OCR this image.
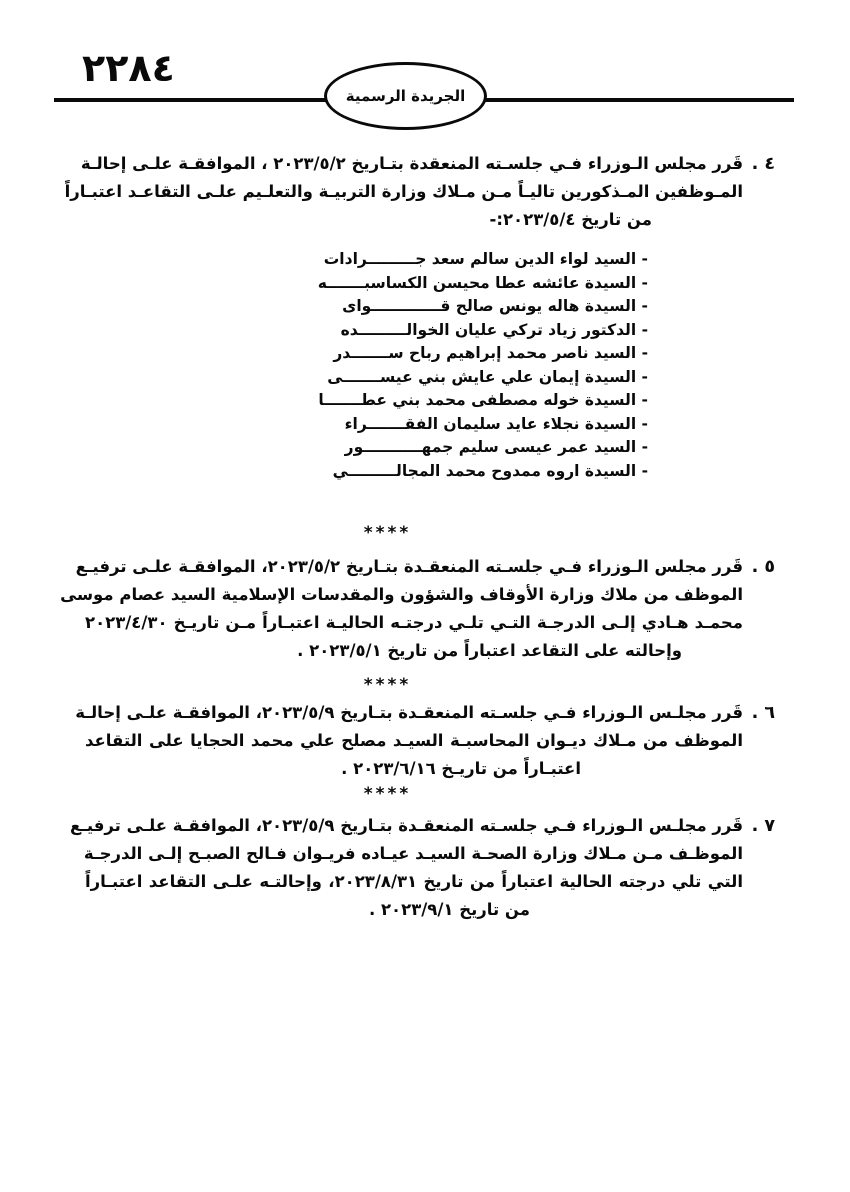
٢٢٨٤
الجريدة الرسمية
٤ .
قَرر مجلس الـوزراء فـي جلسـته المنعقدة بتـاريخ ٢٠٢٣/٥/٢ ، الموافقـة علـى إحالـة
المـوظفين المـذكورين تاليـاً مـن مـلاك وزارة التربيـة والتعلـيم علـى التقاعـد اعتبـاراً
من تاريخ ٢٠٢٣/٥/٤:-
- السيد لواء الدين سالم سعد جـــــــــرادات
- السيدة عائشه عطا محيسن الكساسبـــــــه
- السيدة هاله يونس صالح قـــــــــــــواى
- الدكتور زياد تركي عليان الخوالـــــــــده
- السيد ناصر محمد إبراهيم رباح ســـــــدر
- السيدة إيمان علي عايش بني عيســـــــى
- السيدة خوله مصطفى محمد بني عطـــــــا
- السيدة نجلاء عايد سليمان الفقـــــــراء
- السيد عمر عيسى سليم جمهـــــــــــور
- السيدة اروه ممدوح محمد المجالـــــــــي
****
٥ .
قَرر مجلس الـوزراء فـي جلسـته المنعقـدة بتـاريخ ٢٠٢٣/٥/٢، الموافقـة علـى ترفيـع
الموظف من ملاك وزارة الأوقاف والشؤون والمقدسات الإسلامية السيد عصام موسى
محمـد هـادي إلـى الدرجـة التـي تلـي درجتـه الحاليـة اعتبـاراً مـن تاريـخ ٢٠٢٣/٤/٣٠
وإحالته على التقاعد اعتباراً من تاريخ ٢٠٢٣/٥/١ .
****
٦ .
قَرر مجلـس الـوزراء فـي جلسـته المنعقـدة بتـاريخ ٢٠٢٣/٥/٩، الموافقـة علـى إحالـة
الموظف من مـلاك ديـوان المحاسبـة السيـد مصلح علي محمد الحجايا على التقاعد
اعتبـاراً من تاريـخ ٢٠٢٣/٦/١٦ .
****
٧ .
قَرر مجلـس الـوزراء فـي جلسـته المنعقـدة بتـاريخ ٢٠٢٣/٥/٩، الموافقـة علـى ترفيـع
الموظـف مـن مـلاك وزارة الصحـة السيـد عيـاده فريـوان فـالح الصبـح إلـى الدرجـة
التي تلي درجته الحالية اعتباراً من تاريخ ٢٠٢٣/٨/٣١، وإحالتـه علـى التقاعد اعتبـاراً
من تاريخ ٢٠٢٣/٩/١ .
